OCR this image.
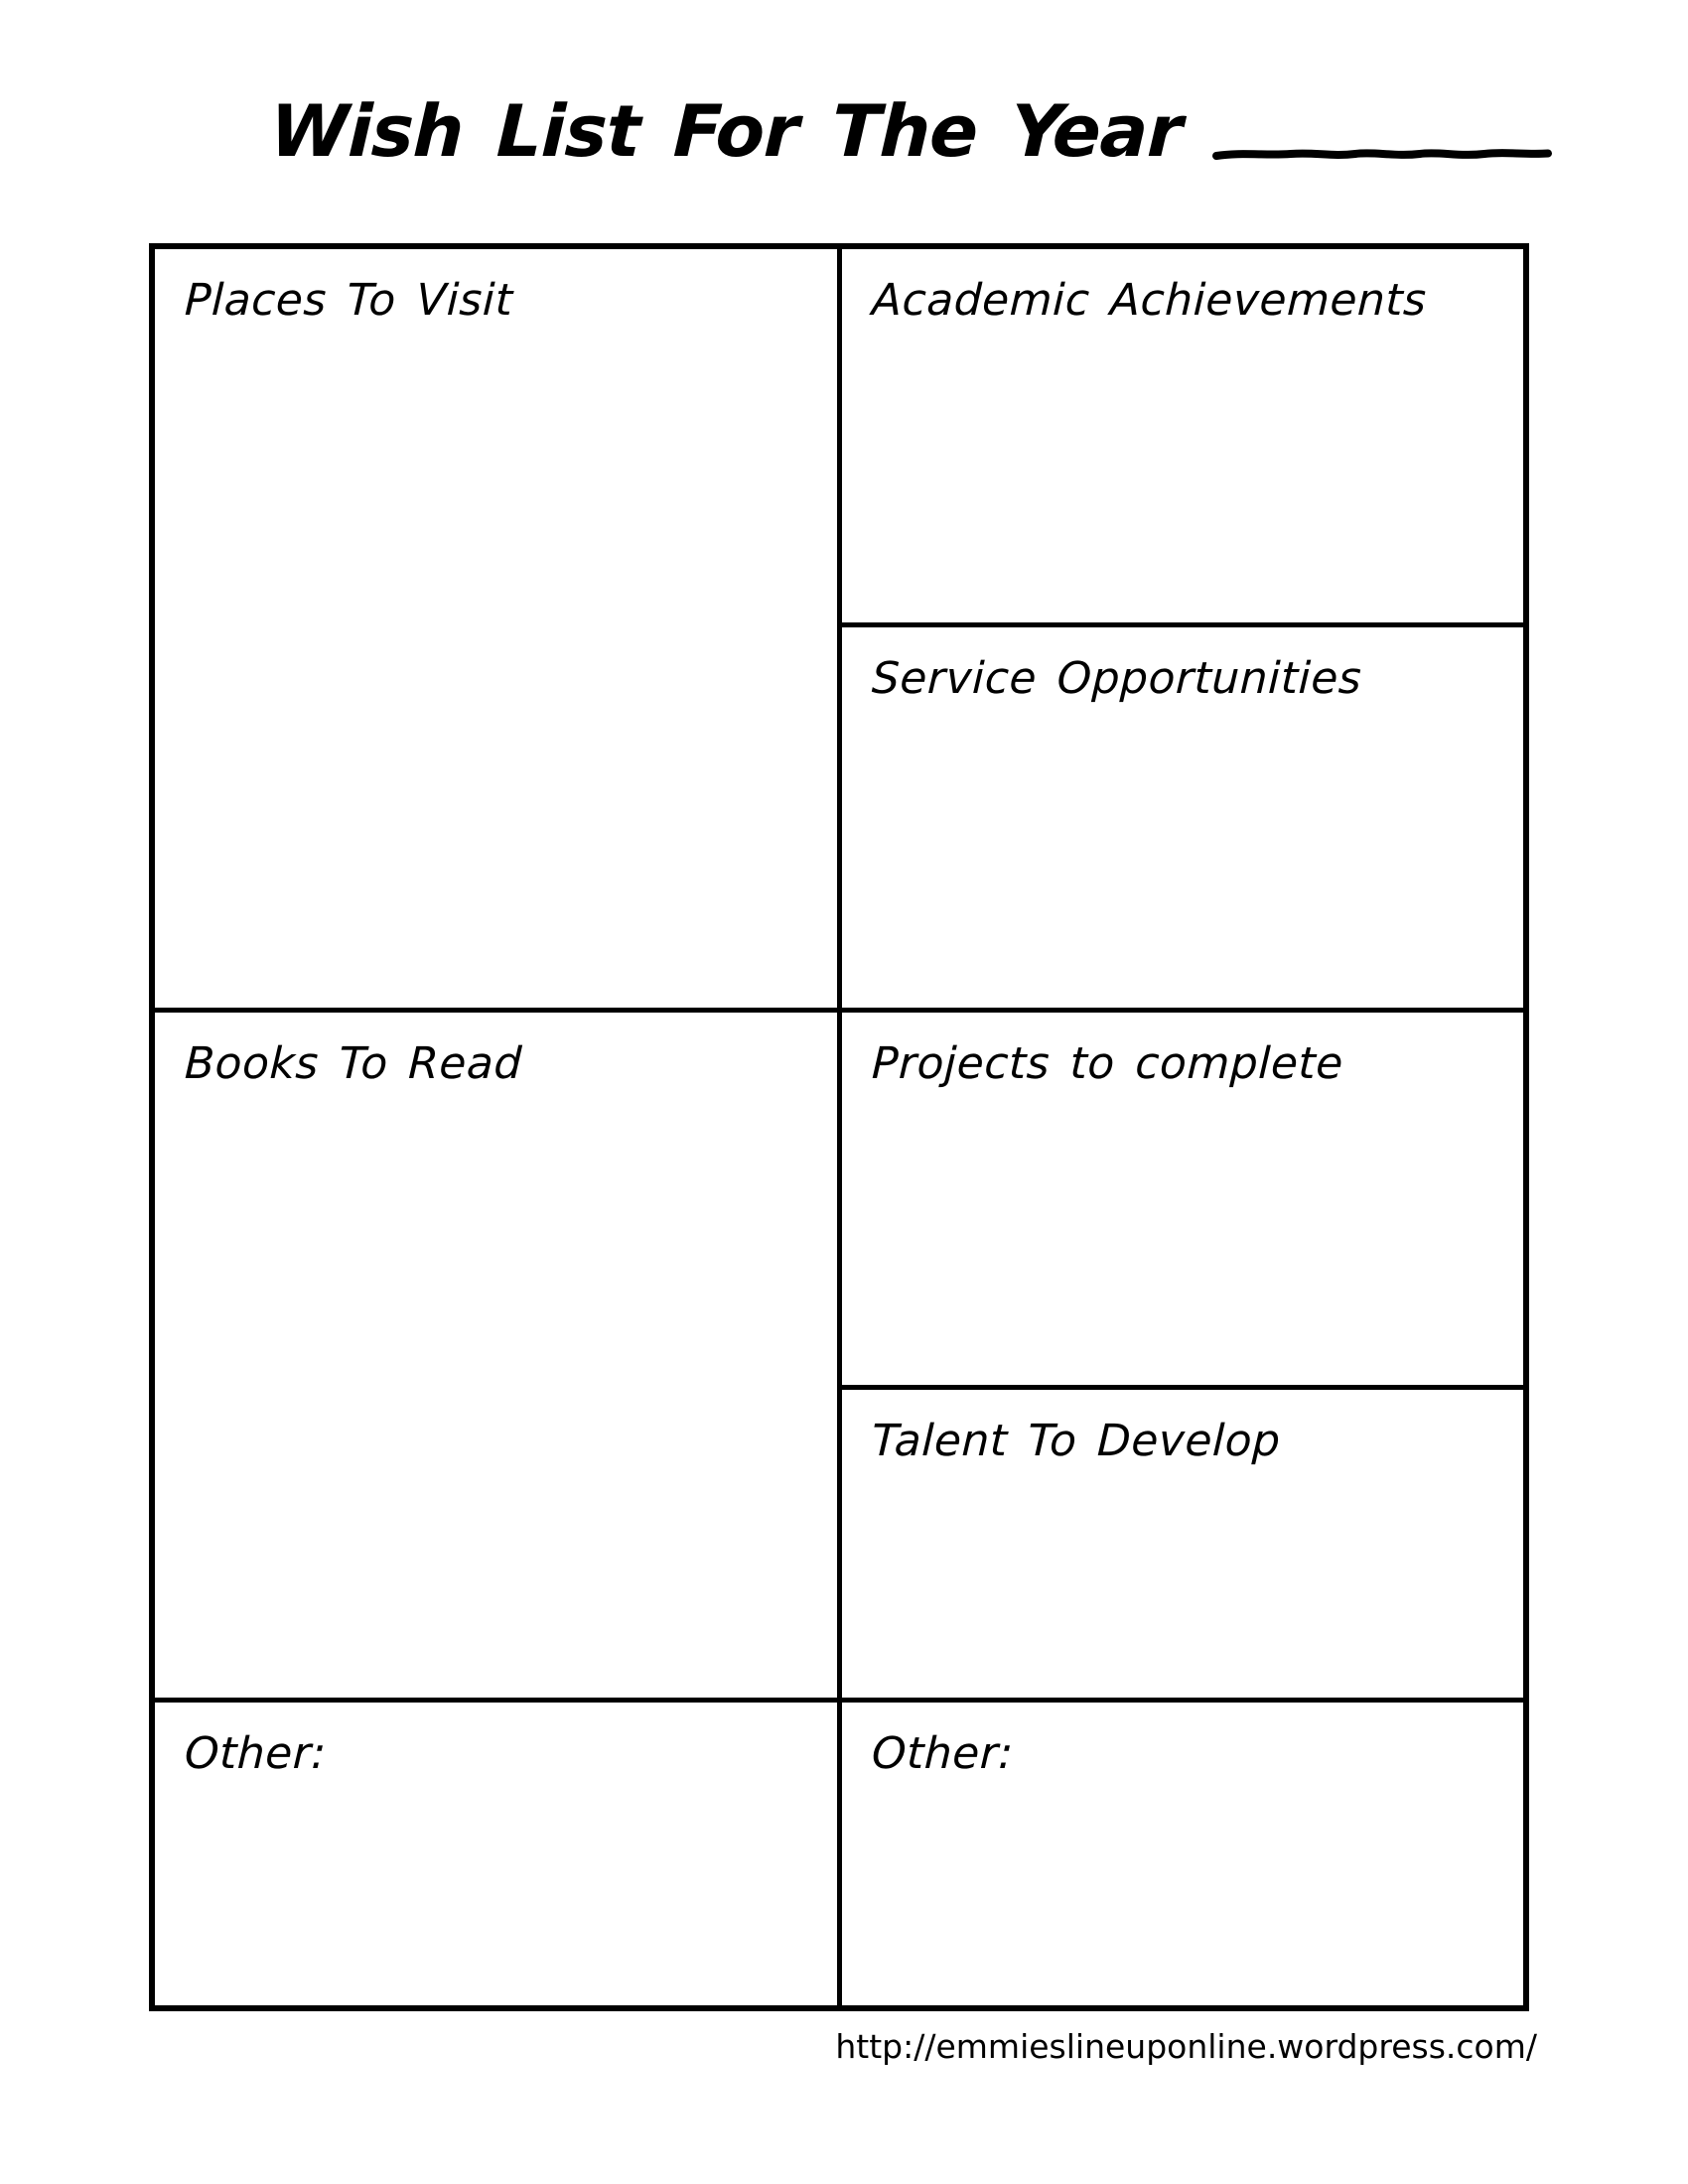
Wish List For The Year
Places To Visit
Books To Read
Other:
Academic Achievements
Service Opportunities
Projects to complete
Talent To Develop
Other:
http://emmieslineuponline.wordpress.com/
